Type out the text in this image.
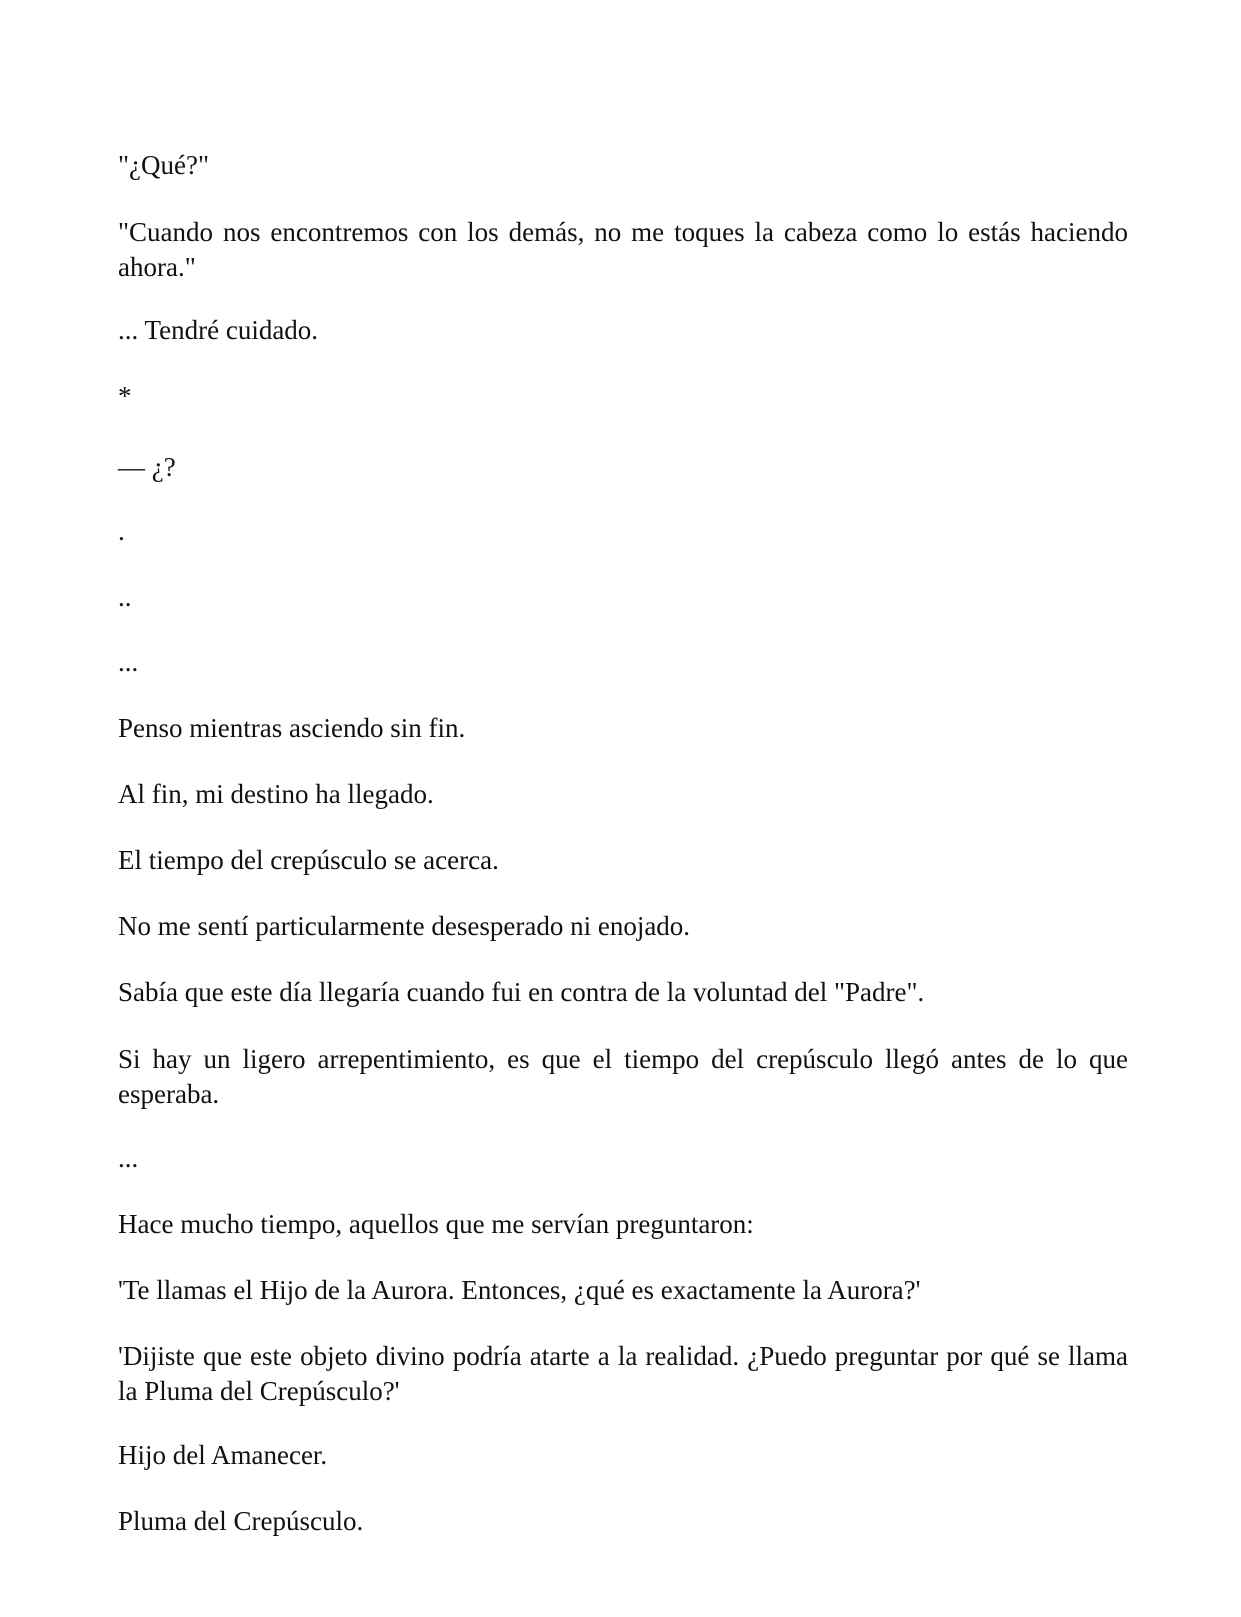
"¿Qué?"

"Cuando nos encontremos con los demás, no me toques la cabeza como lo estás haciendo ahora."

... Tendré cuidado.

*

— ¿?

.

..

...

Penso mientras asciendo sin fin.

Al fin, mi destino ha llegado.

El tiempo del crepúsculo se acerca.

No me sentí particularmente desesperado ni enojado.

Sabía que este día llegaría cuando fui en contra de la voluntad del "Padre".

Si hay un ligero arrepentimiento, es que el tiempo del crepúsculo llegó antes de lo que esperaba.

...

Hace mucho tiempo, aquellos que me servían preguntaron:

'Te llamas el Hijo de la Aurora. Entonces, ¿qué es exactamente la Aurora?'

'Dijiste que este objeto divino podría atarte a la realidad. ¿Puedo preguntar por qué se llama la Pluma del Crepúsculo?'

Hijo del Amanecer.

Pluma del Crepúsculo.
